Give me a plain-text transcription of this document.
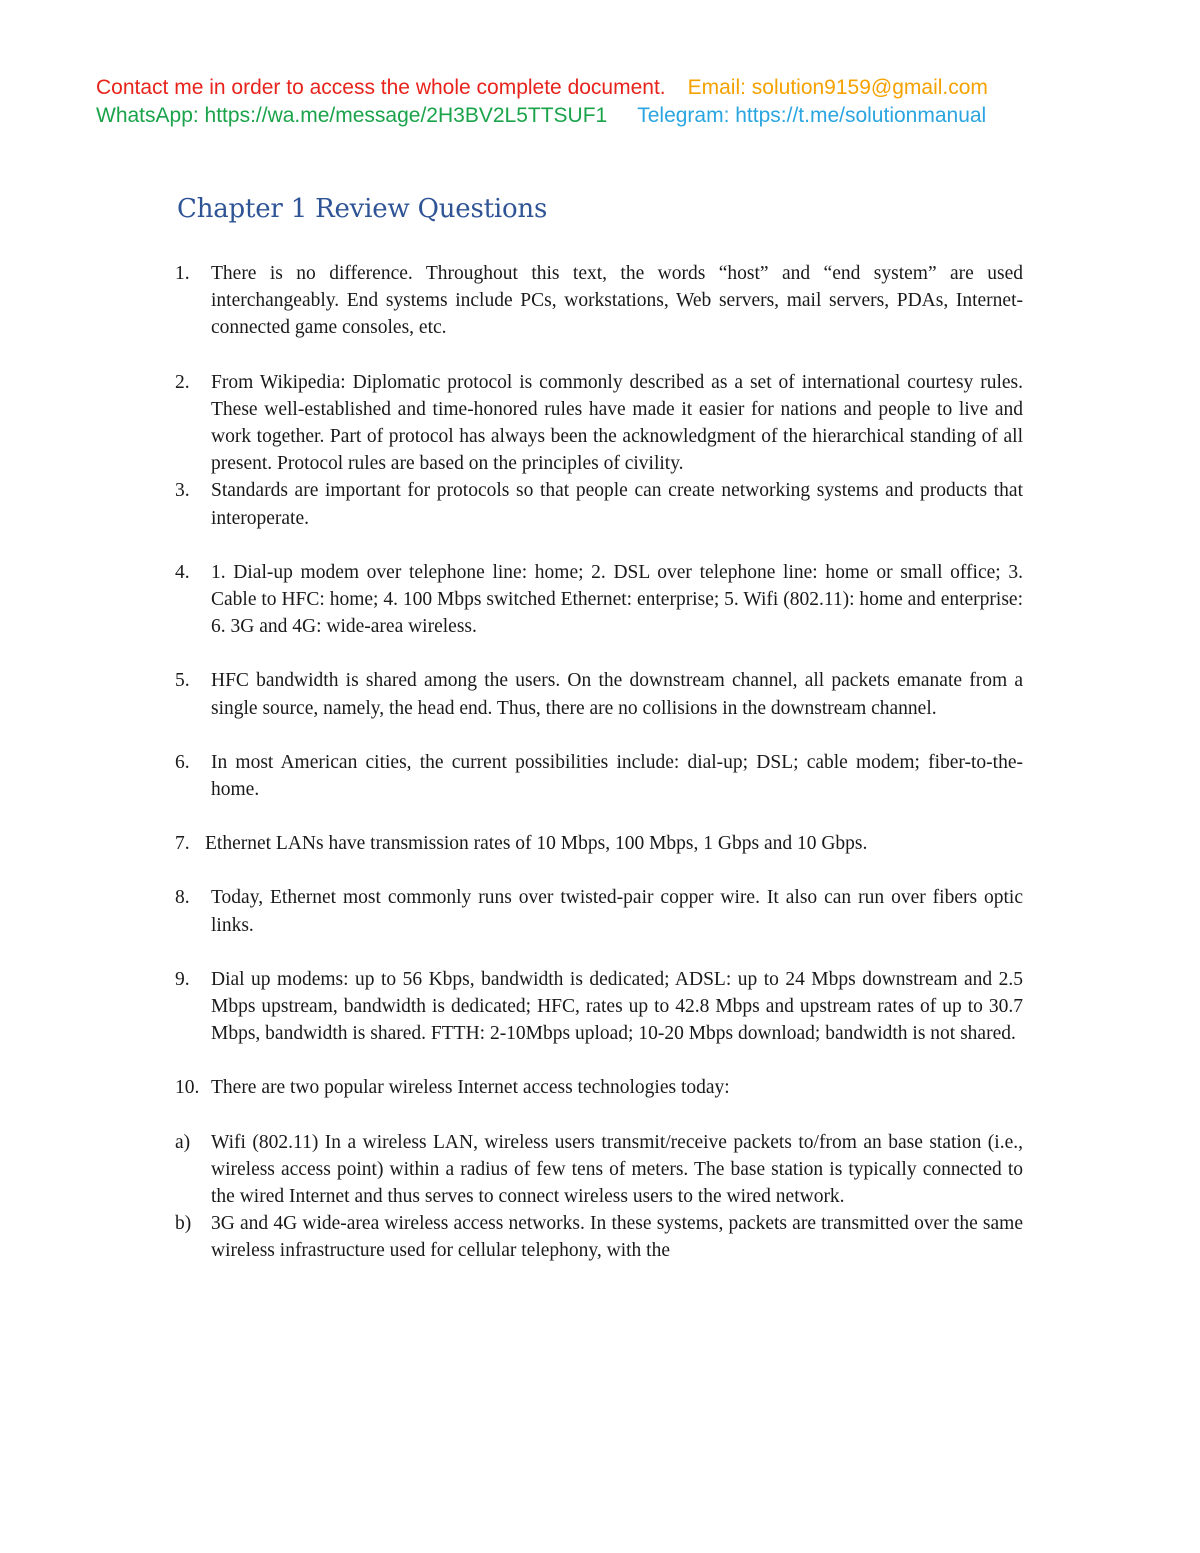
Contact me in order to access the whole complete document. Email: solution9159@gmail.com
WhatsApp: https://wa.me/message/2H3BV2L5TTSUF1 Telegram: https://t.me/solutionmanual
Chapter 1 Review Questions
1.	There is no difference. Throughout this text, the words “host” and “end system” are used interchangeably. End systems include PCs, workstations, Web servers, mail servers, PDAs, Internet-connected game consoles, etc.
2.	From Wikipedia: Diplomatic protocol is commonly described as a set of international courtesy rules. These well-established and time-honored rules have made it easier for nations and people to live and work together. Part of protocol has always been the acknowledgment of the hierarchical standing of all present. Protocol rules are based on the principles of civility.
3.	Standards are important for protocols so that people can create networking systems and products that interoperate.
4.	1. Dial-up modem over telephone line: home; 2. DSL over telephone line: home or small office; 3. Cable to HFC: home; 4. 100 Mbps switched Ethernet: enterprise; 5. Wifi (802.11): home and enterprise: 6. 3G and 4G: wide-area wireless.
5.	HFC bandwidth is shared among the users. On the downstream channel, all packets emanate from a single source, namely, the head end. Thus, there are no collisions in the downstream channel.
6.	In most American cities, the current possibilities include: dial-up; DSL; cable modem; fiber-to-the-home.
7. Ethernet LANs have transmission rates of 10 Mbps, 100 Mbps, 1 Gbps and 10 Gbps.
8.	Today, Ethernet most commonly runs over twisted-pair copper wire. It also can run over fibers optic links.
9.	Dial up modems: up to 56 Kbps, bandwidth is dedicated; ADSL: up to 24 Mbps downstream and 2.5 Mbps upstream, bandwidth is dedicated; HFC, rates up to 42.8 Mbps and upstream rates of up to 30.7 Mbps, bandwidth is shared. FTTH: 2-10Mbps upload; 10-20 Mbps download; bandwidth is not shared.
10. There are two popular wireless Internet access technologies today:
a)	Wifi (802.11) In a wireless LAN, wireless users transmit/receive packets to/from an base station (i.e., wireless access point) within a radius of few tens of meters. The base station is typically connected to the wired Internet and thus serves to connect wireless users to the wired network.
b)	3G and 4G wide-area wireless access networks. In these systems, packets are transmitted over the same wireless infrastructure used for cellular telephony, with the
